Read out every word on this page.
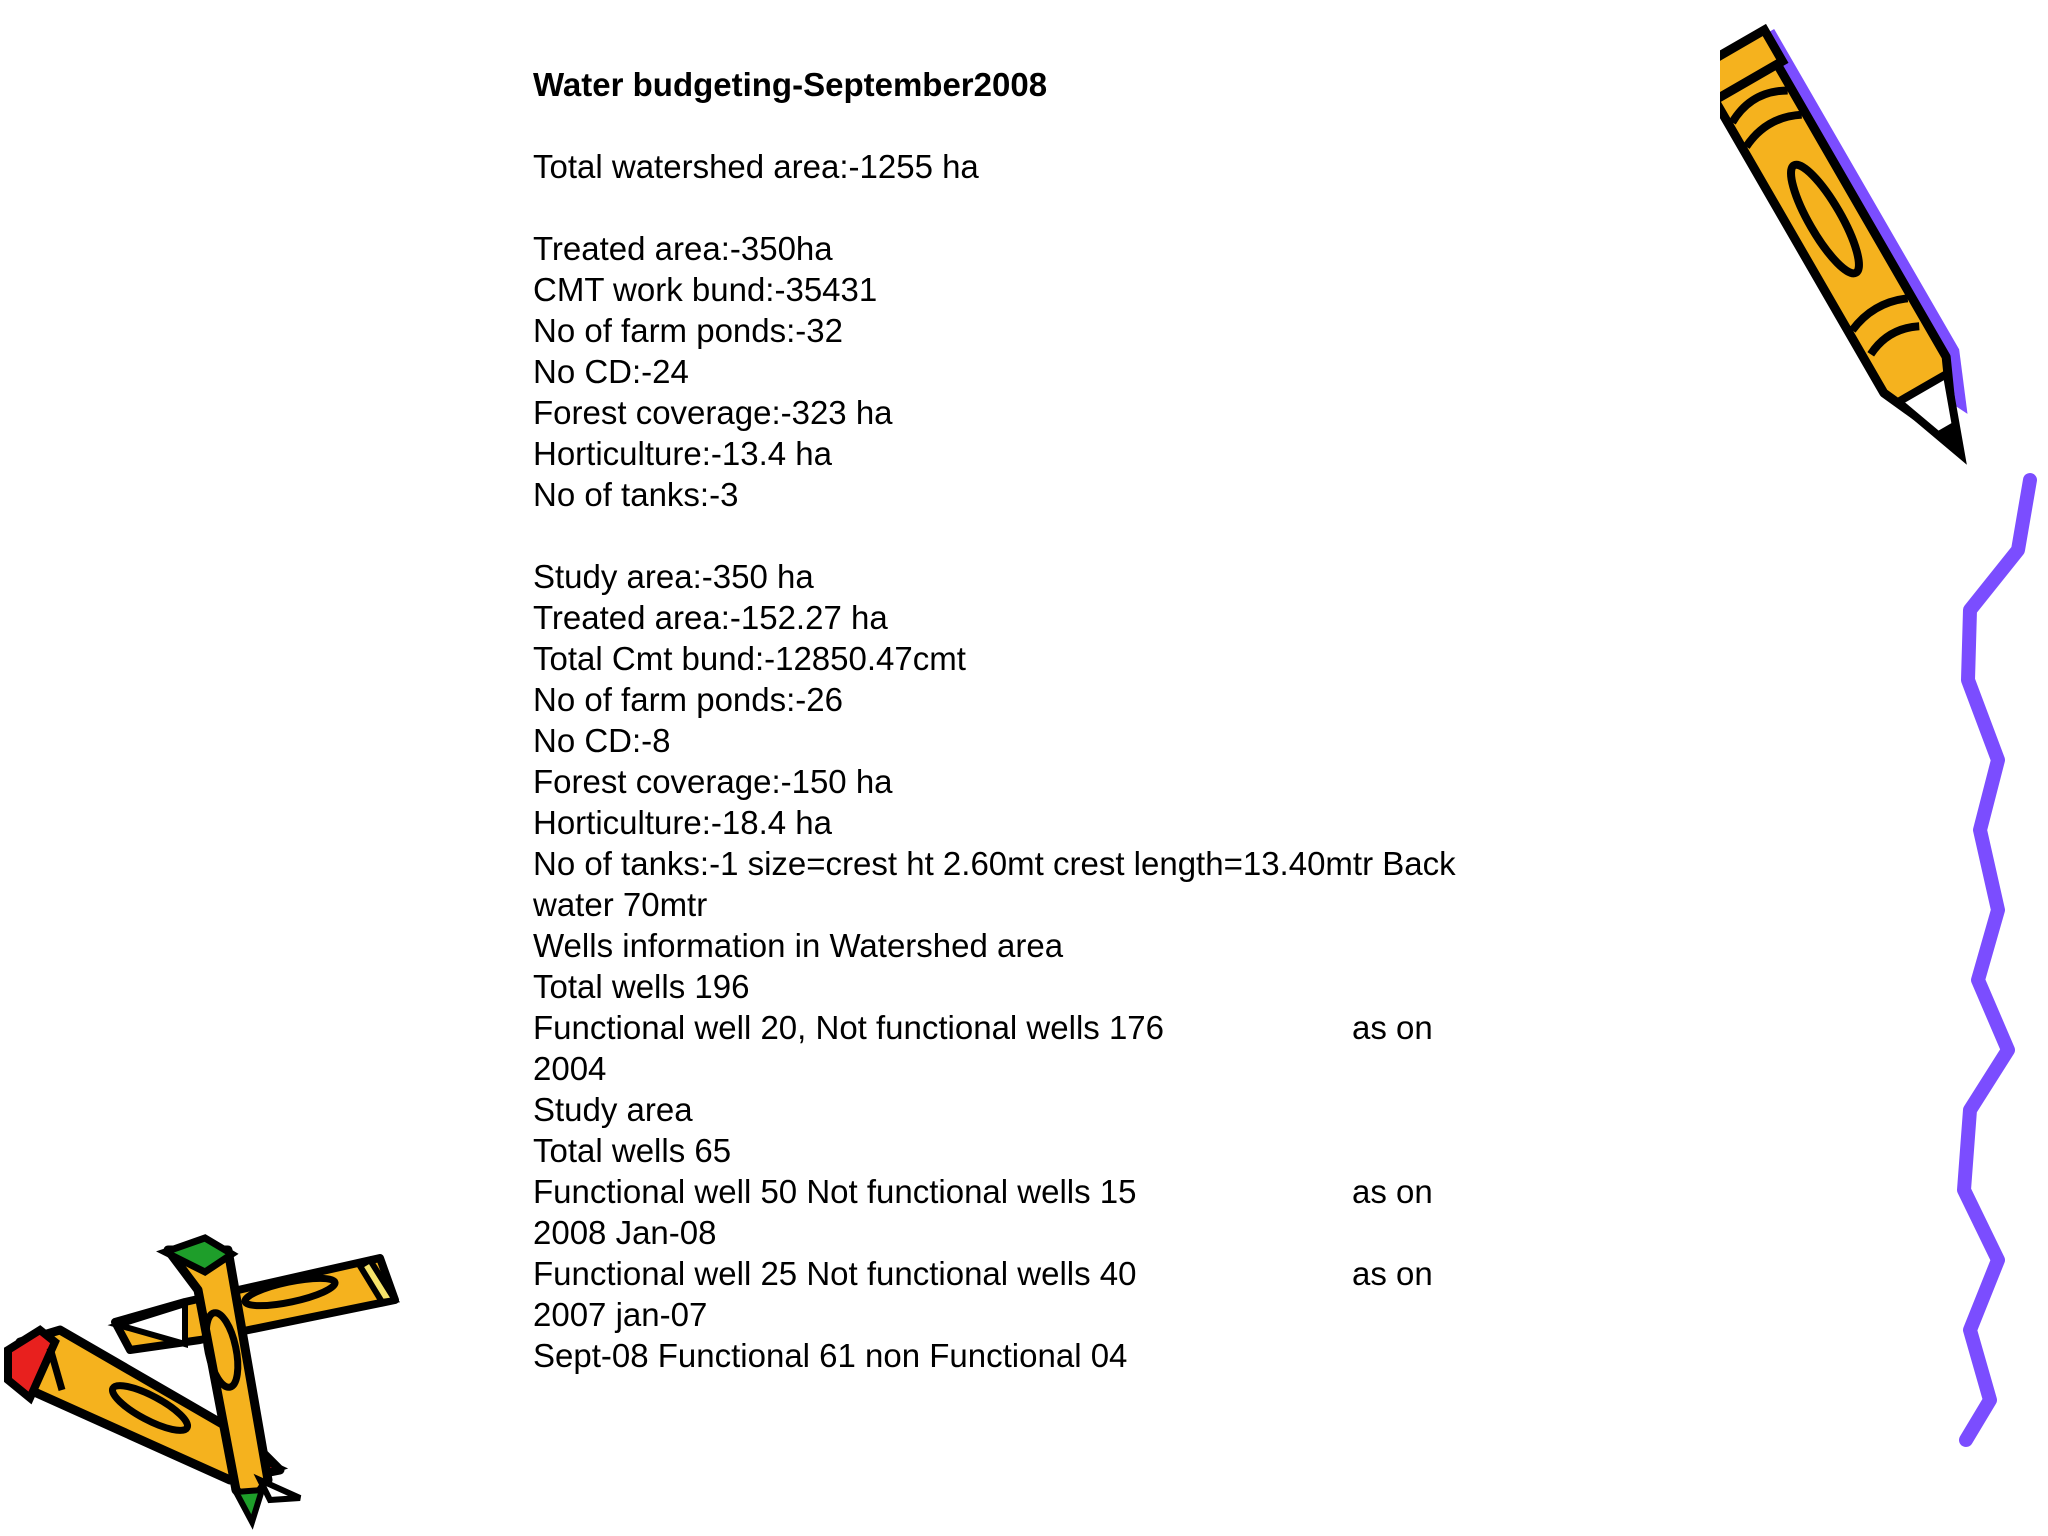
Water budgeting-September2008
Total watershed area:-1255 ha
Treated area:-350ha
CMT work bund:-35431
No of farm ponds:-32
No CD:-24
Forest coverage:-323 ha
Horticulture:-13.4 ha
No of tanks:-3
Study area:-350 ha
Treated area:-152.27 ha
Total Cmt bund:-12850.47cmt
No of farm ponds:-26
No CD:-8
Forest coverage:-150 ha
Horticulture:-18.4 ha
No of tanks:-1 size=crest ht 2.60mt crest length=13.40mtr Back
water 70mtr
Wells information in Watershed area
Total wells 196
Functional well 20, Not functional wells 176	as on
2004
Study area
Total wells 65
Functional well 50 Not functional wells 15	as on
2008 Jan-08
Functional well 25 Not functional wells 40	as on
2007 jan-07
Sept-08 Functional 61 non Functional 04
